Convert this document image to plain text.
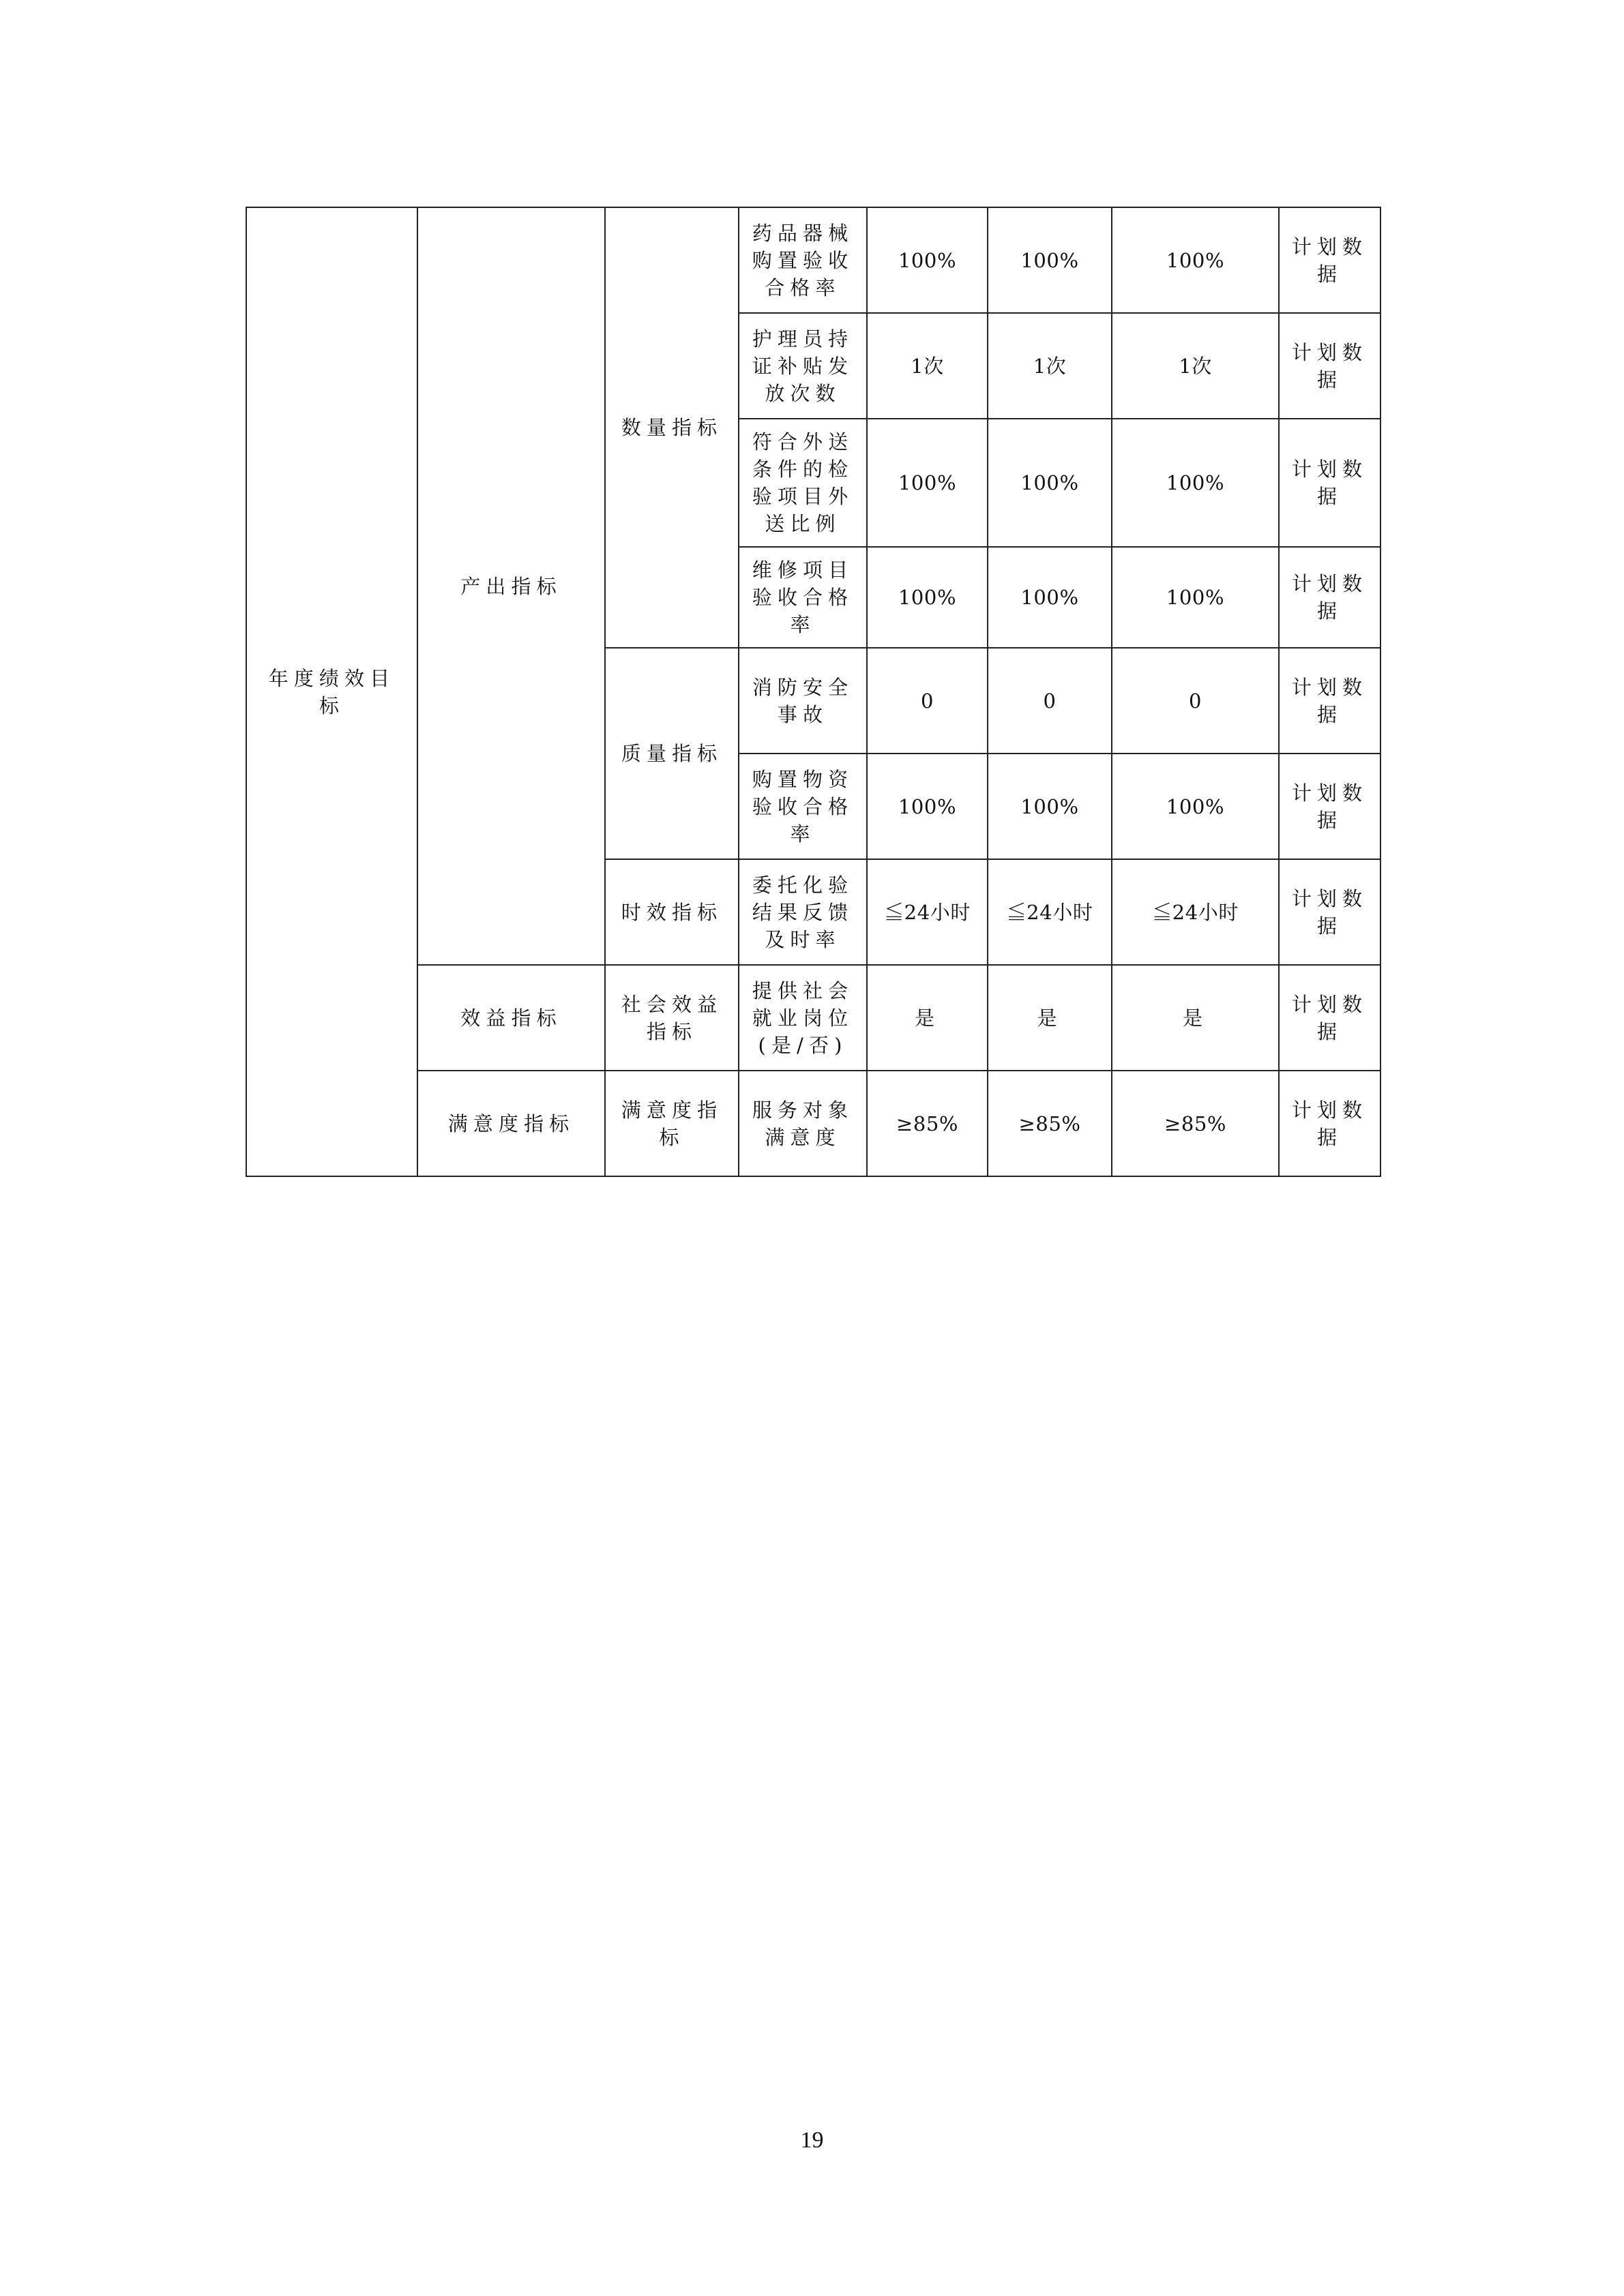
年度绩效目标	产出指标	数量指标	药品器械购置验收合格率	100%	100%	100%	计划数据
			护理员持证补贴发放次数	1次	1次	1次	计划数据
			符合外送条件的检验项目外送比例	100%	100%	100%	计划数据
			维修项目验收合格率	100%	100%	100%	计划数据
		质量指标	消防安全事故	0	0	0	计划数据
			购置物资验收合格率	100%	100%	100%	计划数据
		时效指标	委托化验结果反馈及时率	≦24小时	≦24小时	≦24小时	计划数据
	效益指标	社会效益指标	提供社会就业岗位(是/否)	是	是	是	计划数据
	满意度指标	满意度指标	服务对象满意度	≥85%	≥85%	≥85%	计划数据
19
